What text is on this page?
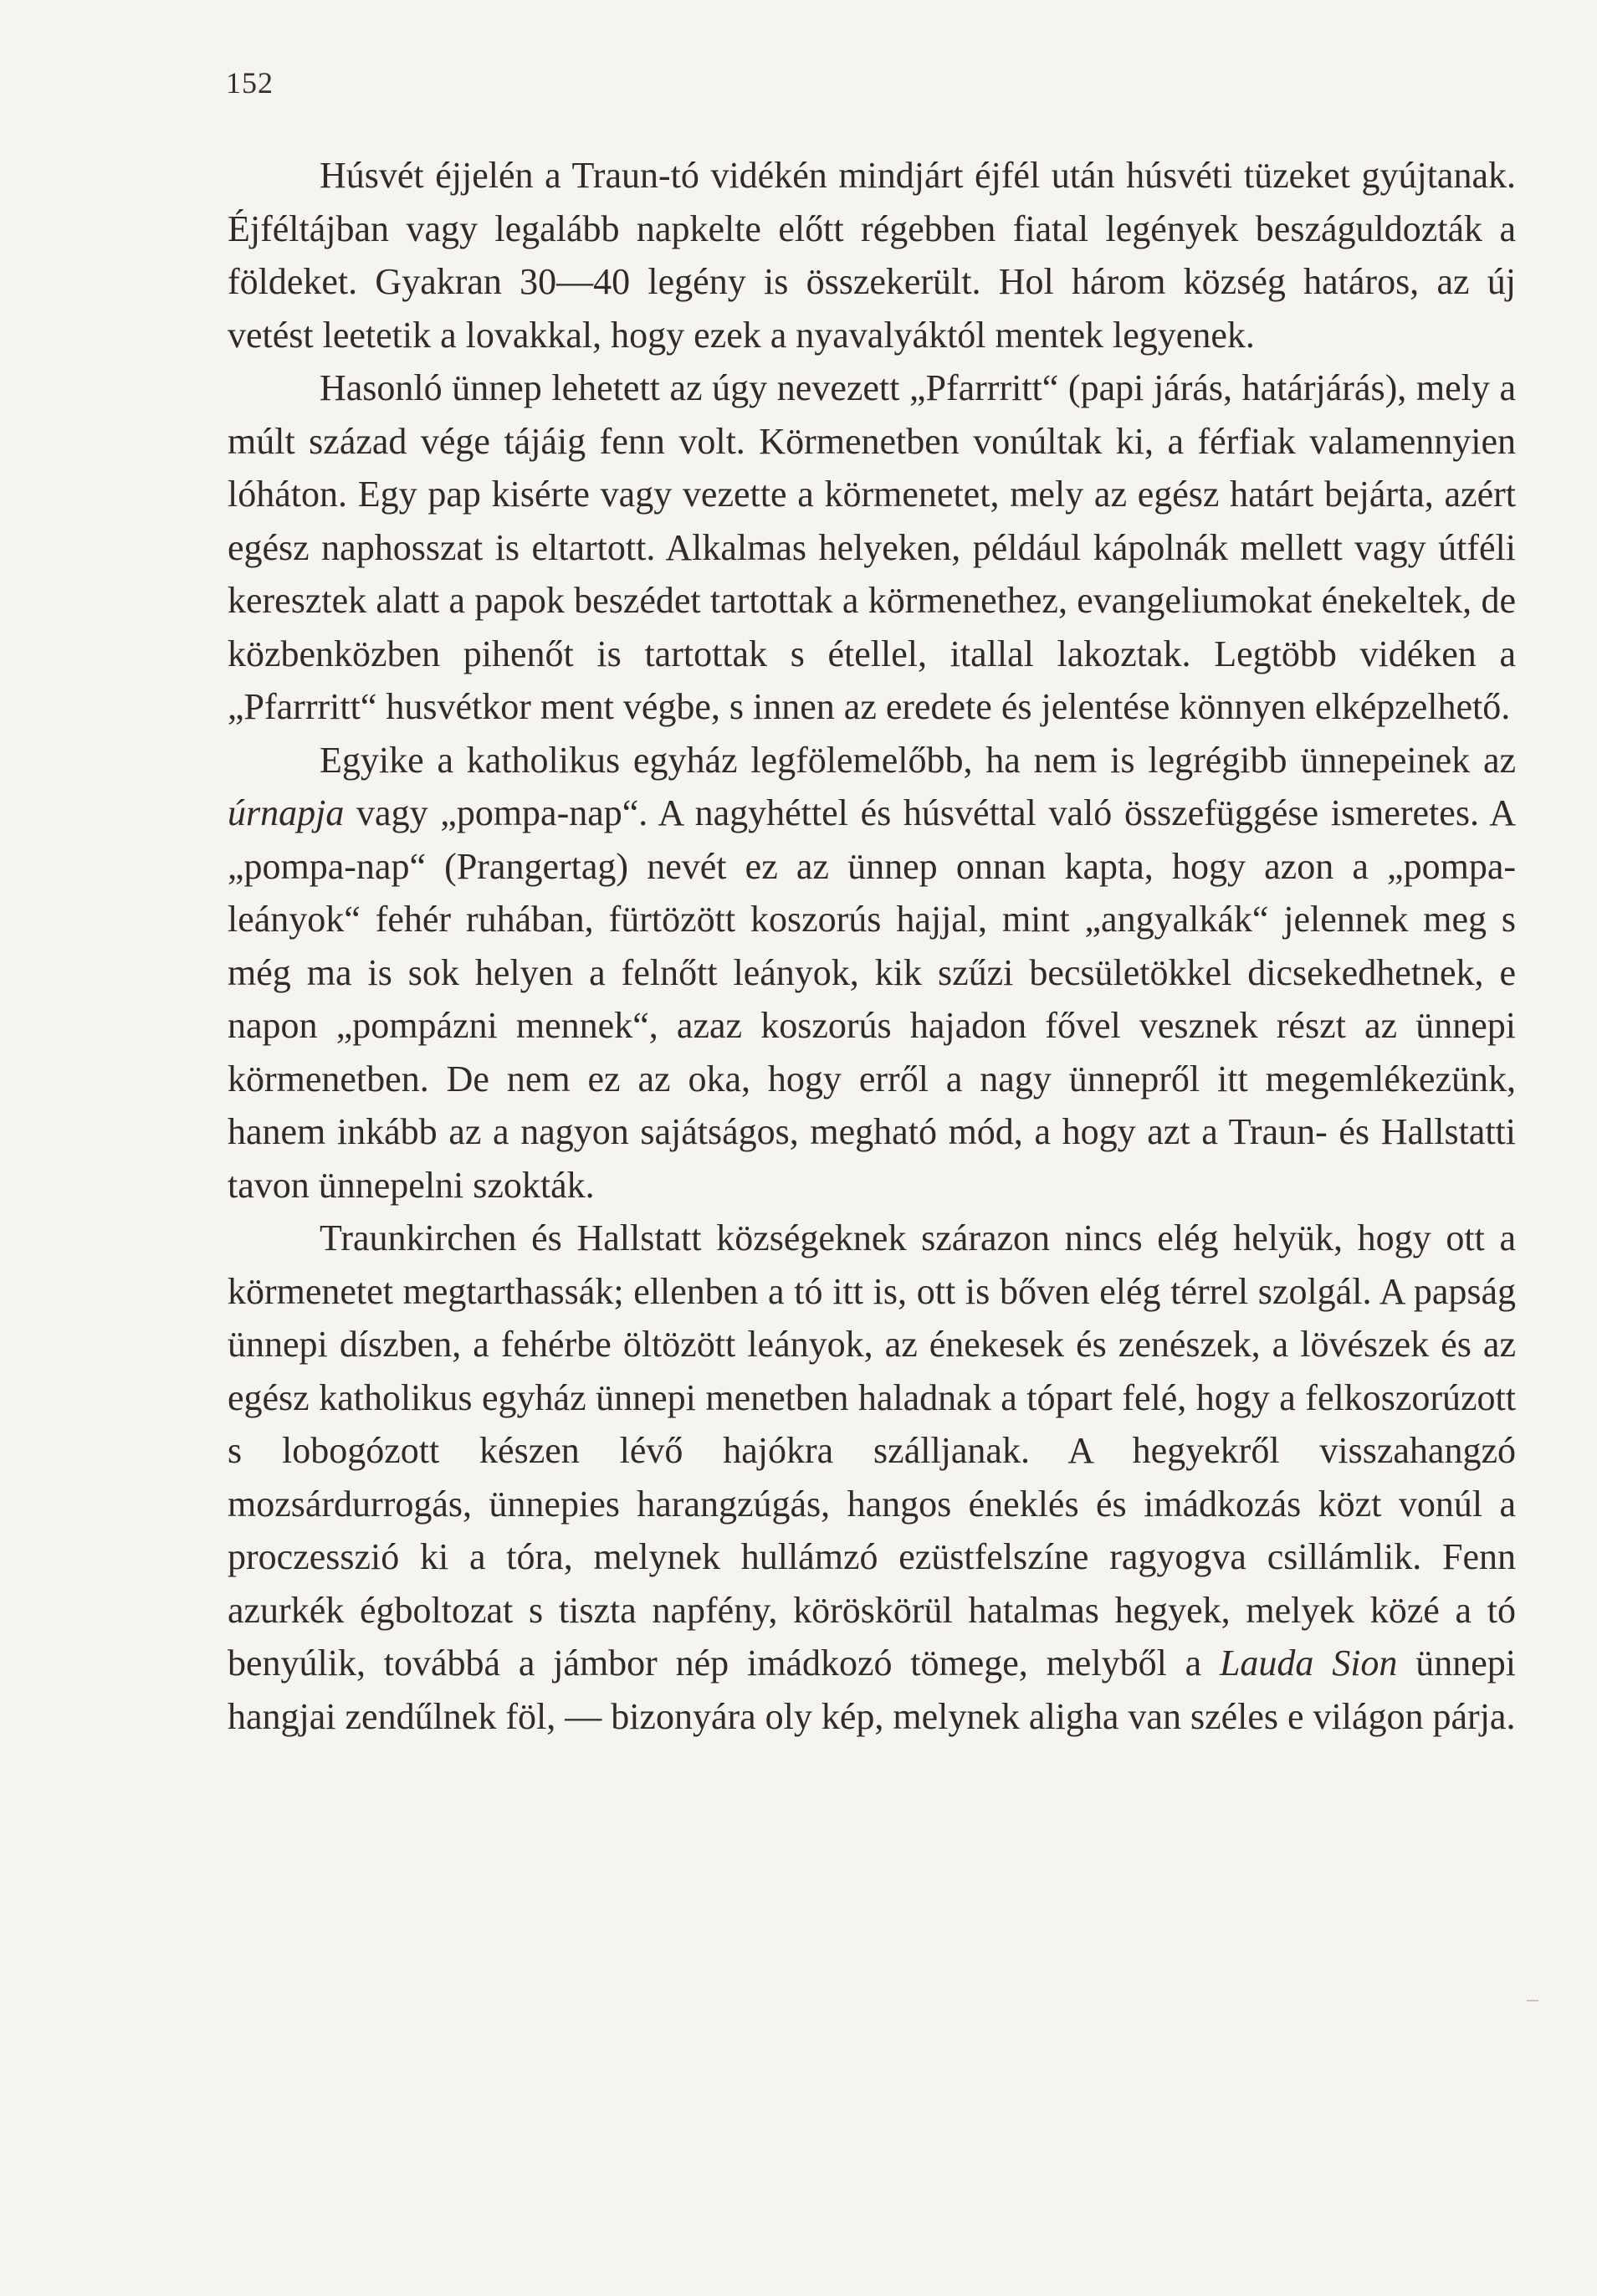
152

Húsvét éjjelén a Traun-tó vidékén mindjárt éjfél után húsvéti tüzeket gyújtanak. Éjféltájban vagy legalább napkelte előtt régebben fiatal legények beszáguldozták a földeket. Gyakran 30—40 legény is összekerült. Hol három község határos, az új vetést leetetik a lovakkal, hogy ezek a nyavalyáktól mentek legyenek.

Hasonló ünnep lehetett az úgy nevezett „Pfarrritt“ (papi járás, határjárás), mely a múlt század vége tájáig fenn volt. Körmenetben vonúltak ki, a férfiak valamennyien lóháton. Egy pap kisérte vagy vezette a körmenetet, mely az egész határt bejárta, azért egész naphosszat is eltartott. Alkalmas helyeken, például kápolnák mellett vagy útféli keresztek alatt a papok beszédet tartottak a körmenethez, evangeliumokat énekeltek, de közbenközben pihenőt is tartottak s étellel, itallal lakoztak. Legtöbb vidéken a „Pfarrritt“ husvétkor ment végbe, s innen az eredete és jelentése könnyen elképzelhető.

Egyike a katholikus egyház legfölemelőbb, ha nem is legrégibb ünnepeinek az úrnapja vagy „pompa-nap“. A nagyhéttel és húsvéttal való összefüggése ismeretes. A „pompa-nap“ (Prangertag) nevét ez az ünnep onnan kapta, hogy azon a „pompa-leányok“ fehér ruhában, fürtözött koszorús hajjal, mint „angyalkák“ jelennek meg s még ma is sok helyen a felnőtt leányok, kik szűzi becsületökkel dicsekedhetnek, e napon „pompázni mennek“, azaz koszorús hajadon fővel vesznek részt az ünnepi körmenetben. De nem ez az oka, hogy erről a nagy ünnepről itt megemlékezünk, hanem inkább az a nagyon sajátságos, megható mód, a hogy azt a Traun- és Hallstatti tavon ünnepelni szokták.

Traunkirchen és Hallstatt községeknek szárazon nincs elég helyük, hogy ott a körmenetet megtarthassák; ellenben a tó itt is, ott is bőven elég térrel szolgál. A papság ünnepi díszben, a fehérbe öltözött leányok, az énekesek és zenészek, a lövészek és az egész katholikus egyház ünnepi menetben haladnak a tópart felé, hogy a felkoszorúzott s lobogózott készen lévő hajókra szálljanak. A hegyekről visszahangzó mozsárdurrogás, ünnepies harangzúgás, hangos éneklés és imádkozás közt vonúl a proczesszió ki a tóra, melynek hullámzó ezüstfelszíne ragyogva csillámlik. Fenn azurkék égboltozat s tiszta napfény, köröskörül hatalmas hegyek, melyek közé a tó benyúlik, továbbá a jámbor nép imádkozó tömege, melyből a Lauda Sion ünnepi hangjai zendűlnek föl, — bizonyára oly kép, melynek aligha van széles e világon párja.
